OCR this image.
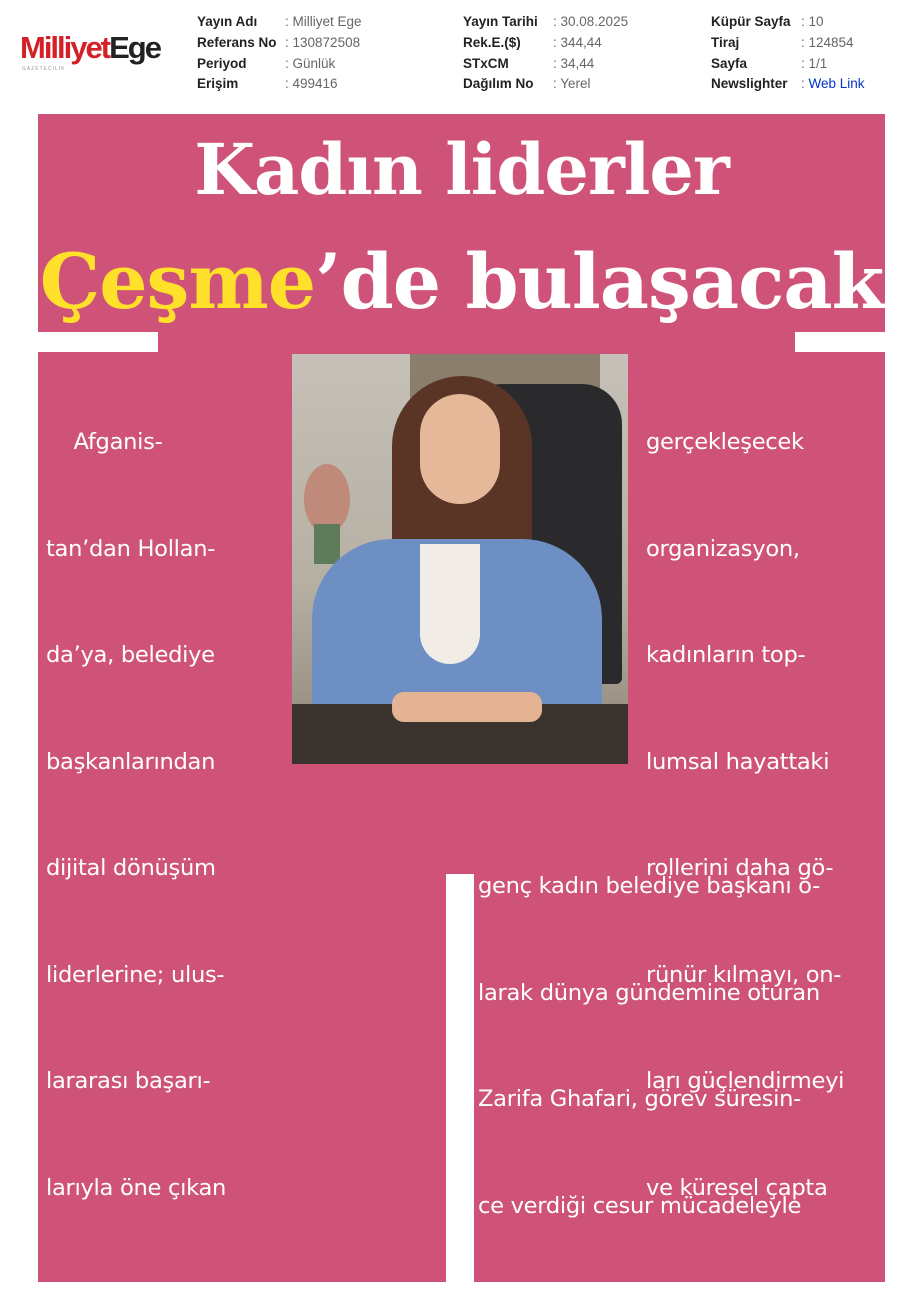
MilliyetEge
GAZETECİLİK
Yayın Adı	: Milliyet Ege
Referans No : 130872508
Periyod	: Günlük
Erişim	: 499416
Yayın Tarihi	: 30.08.2025
Rek.E.($)	: 344,44
STxCM	: 34,44
Dağılım No	: Yerel
Küpür Sayfa : 10
Tiraj	: 124854
Sayfa	: 1/1
Newslighter : Web Link
Kadın liderler
Çeşme’de bulaşacak

Afganis-

tan’dan Hollan-

da’ya, belediye

başkanlarından

dijital dönüşüm

liderlerine; ulus-

lararası başarı-

larıyla öne çıkan

gerçekleşecek

organizasyon,

kadınların top-

lumsal hayattaki

rollerini daha gö-

rünür kılmayı, on-

ları güçlendirmeyi

ve küresel çapta

genç kadın belediye başkanı o-

larak dünya gündemine oturan

Zarifa Ghafari, görev süresin-

ce verdiği cesur mücadeleyle
